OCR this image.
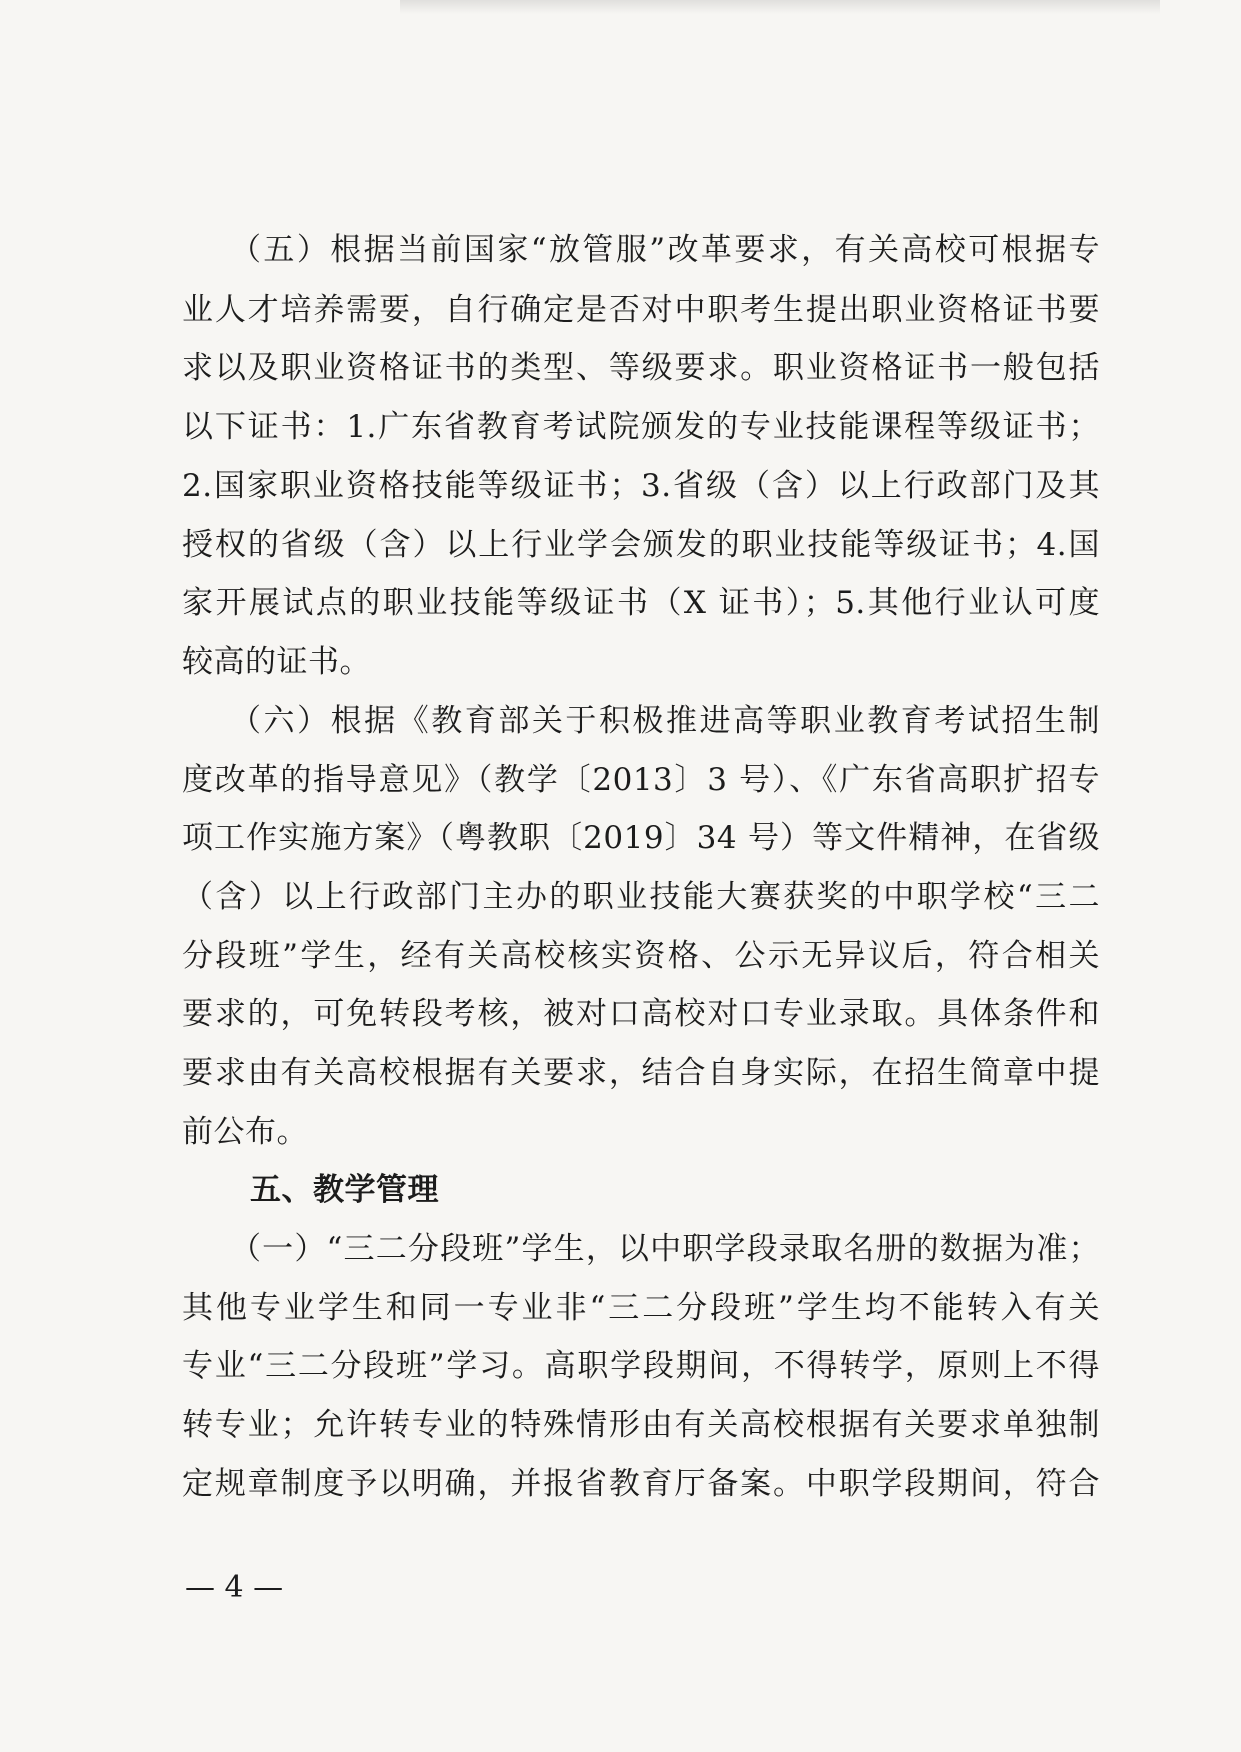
（五）根据当前国家“放管服”改革要求，有关高校可根据专
业人才培养需要，自行确定是否对中职考生提出职业资格证书要
求以及职业资格证书的类型、等级要求。职业资格证书一般包括
以下证书：1.广东省教育考试院颁发的专业技能课程等级证书；
2.国家职业资格技能等级证书；3.省级（含）以上行政部门及其
授权的省级（含）以上行业学会颁发的职业技能等级证书；4.国
家开展试点的职业技能等级证书（X 证书）；5.其他行业认可度
较高的证书。
（六）根据《教育部关于积极推进高等职业教育考试招生制
度改革的指导意见》（教学〔2013〕3 号）、《广东省高职扩招专
项工作实施方案》（粤教职〔2019〕34 号）等文件精神，在省级
（含）以上行政部门主办的职业技能大赛获奖的中职学校“三二
分段班”学生，经有关高校核实资格、公示无异议后，符合相关
要求的，可免转段考核，被对口高校对口专业录取。具体条件和
要求由有关高校根据有关要求，结合自身实际，在招生简章中提
前公布。
五、教学管理
（一）“三二分段班”学生，以中职学段录取名册的数据为准；
其他专业学生和同一专业非“三二分段班”学生均不能转入有关
专业“三二分段班”学习。高职学段期间，不得转学，原则上不得
转专业；允许转专业的特殊情形由有关高校根据有关要求单独制
定规章制度予以明确，并报省教育厅备案。中职学段期间，符合
— 4 —
